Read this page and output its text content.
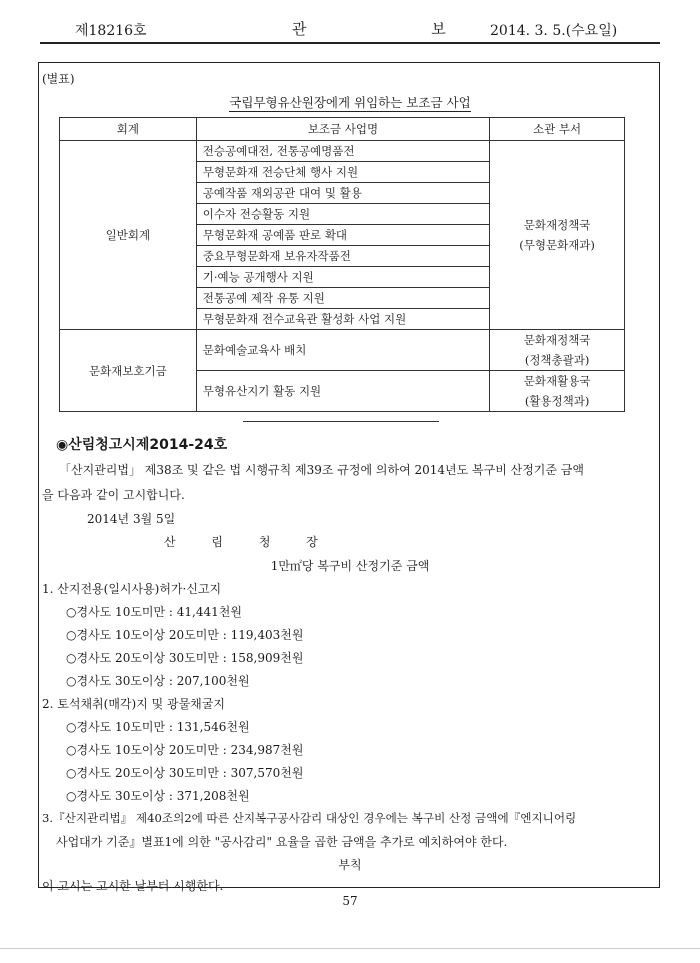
제18216호	관 보
2014. 3. 5.(수요일)
(별표)
국립무형유산원장에게 위임하는 보조금 사업
회계	보조금 사업명	소관 부서
일반회계	전승공예대전, 전통공예명품전	문화재정책국
(무형문화재과)

	무형문화재 전승단체 행사 지원	
	공예작품 재외공관 대여 및 활용	
	이수자 전승활동 지원	
	무형문화재 공예품 판로 확대	
	중요무형문화재 보유자작품전	
	기·예능 공개행사 지원	
	전통공예 제작 유통 지원	
	무형문화재 전수교육관 활성화 사업 지원	
문화재보호기금	문화예술교육사 배치	문화재정책국
(정책총괄과)

	무형유산지기 활동 지원	문화재활용국
(활용정책과)
◉산림청고시제2014-24호
「산지관리법」 제38조 및 같은 법 시행규칙 제39조 규정에 의하여 2014년도 복구비 산정기준 금액
을 다음과 같이 고시합니다.
2014년 3월 5일
산 림 청 장
1만㎡당 복구비 산정기준 금액
1. 산지전용(일시사용)허가·신고지
○경사도 10도미만 : 41,441천원
○경사도 10도이상 20도미만 : 119,403천원
○경사도 20도이상 30도미만 : 158,909천원
○경사도 30도이상 : 207,100천원
2. 토석채취(매각)지 및 광물채굴지
○경사도 10도미만 : 131,546천원
○경사도 10도이상 20도미만 : 234,987천원
○경사도 20도이상 30도미만 : 307,570천원
○경사도 30도이상 : 371,208천원
3.『산지관리법』 제40조의2에 따른 산지복구공사감리 대상인 경우에는 복구비 산정 금액에『엔지니어링
사업대가 기준』별표1에 의한 "공사감리" 요율을 곱한 금액을 추가로 예치하여야 한다.
부칙
이 고시는 고시한 날부터 시행한다.
57
